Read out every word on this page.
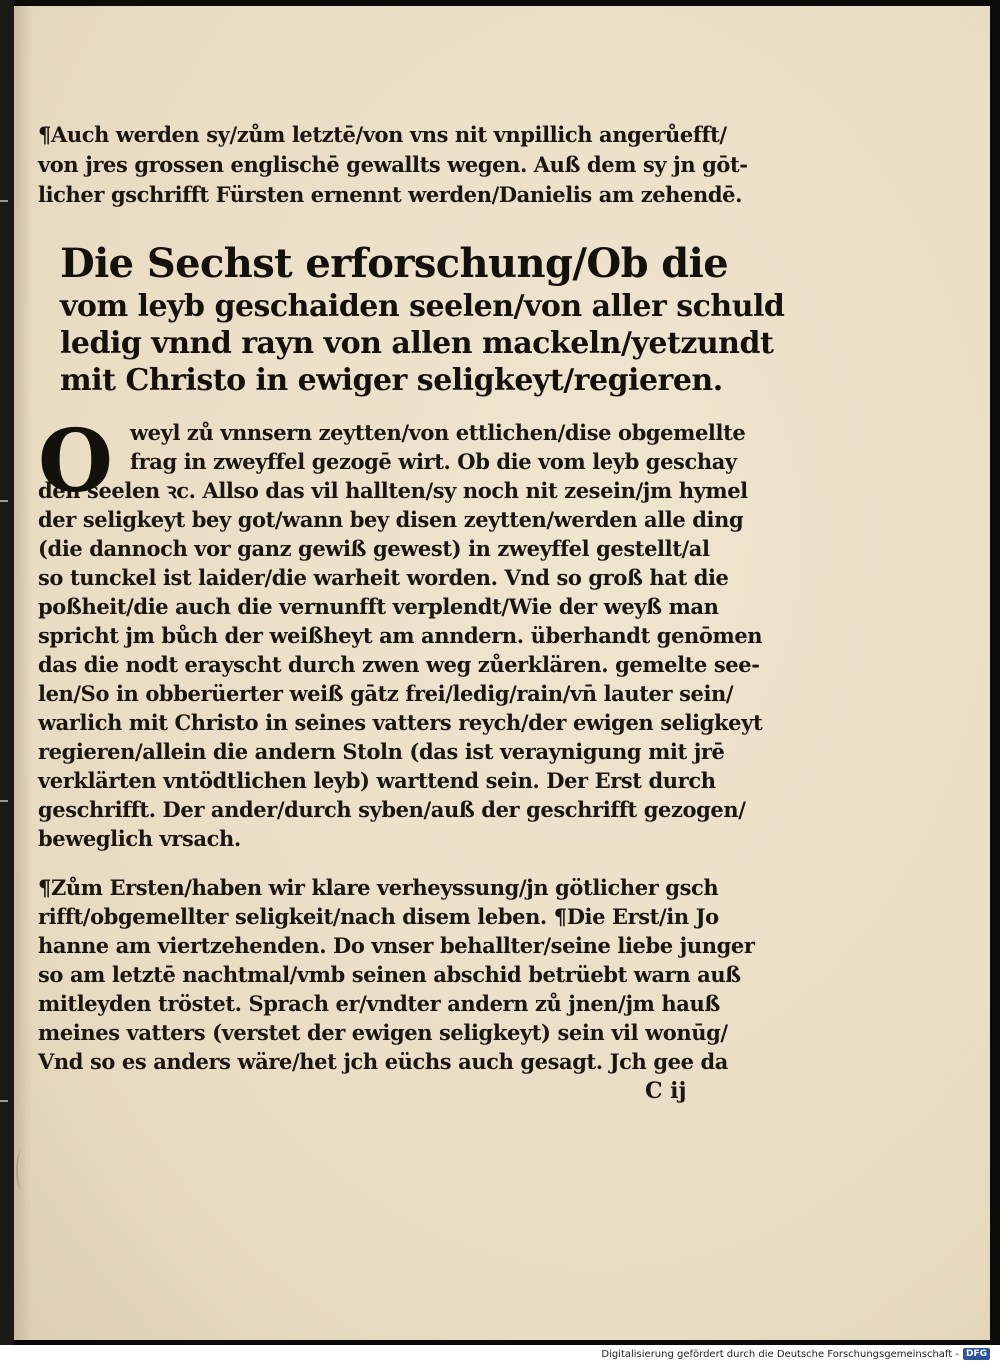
¶Auch werden sy/zům letztē/von vns nit vnpillich angerůefft/
von jres grossen englischē gewallts wegen. Auß dem sy jn gōt-
licher gschrifft Fürsten ernennt werden/Danielis am zehendē.
Die Sechst erforschung/Ob die
vom leyb geschaiden seelen/von aller schuld
ledig vnnd rayn von allen mackeln/yetzundt
mit Christo in ewiger seligkeyt/regieren.
O weyl zů vnnsern zeytten/von ettlichen/dise obgemellte
frag in zweyffel gezogē wirt. Ob die vom leyb geschay
den seelen ꝛc. Allso das vil hallten/sy noch nit zesein/jm hymel
der seligkeyt bey got/wann bey disen zeytten/werden alle ding
(die dannoch vor ganz gewiß gewest) in zweyffel gestellt/al
so tunckel ist laider/die warheit worden. Vnd so groß hat die
poßheit/die auch die vernunfft verplendt/Wie der weyß man
spricht jm bůch der weißheyt am anndern. überhandt genōmen
das die nodt erayscht durch zwen weg zůerklären. gemelte see-
len/So in obberüerter weiß gātz frei/ledig/rain/vn̄ lauter sein/
warlich mit Christo in seines vatters reych/der ewigen seligkeyt
regieren/allein die andern Stoln (das ist veraynigung mit jrē
verklärten vntödtlichen leyb) warttend sein. Der Erst durch
geschrifft. Der ander/durch syben/auß der geschrifft gezogen/
beweglich vrsach.
¶Zům Ersten/haben wir klare verheyssung/jn götlicher gsch
rifft/obgemellter seligkeit/nach disem leben. ¶Die Erst/in Jo
hanne am viertzehenden. Do vnser behallter/seine liebe junger
so am letztē nachtmal/vmb seinen abschid betrüebt warn auß
mitleyden tröstet. Sprach er/vndter andern zů jnen/jm hauß
meines vatters (verstet der ewigen seligkeyt) sein vil wonūg/
Vnd so es anders wäre/het jch eüchs auch gesagt. Jch gee da
C ij
Digitalisierung gefördert durch die Deutsche Forschungsgemeinschaft - DFG
